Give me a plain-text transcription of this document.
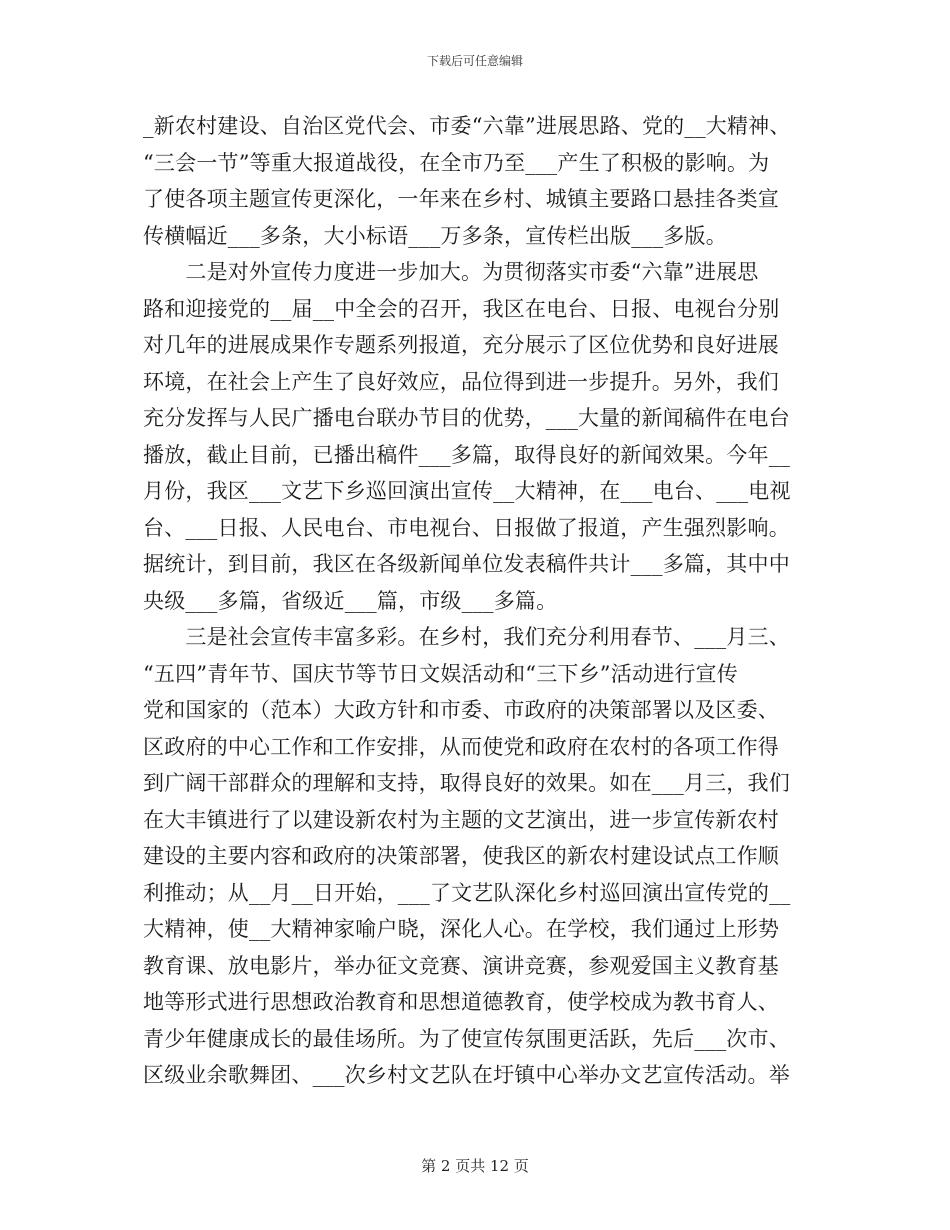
下载后可任意编辑
_新农村建设、自治区党代会、市委“六靠”进展思路、党的__大精神、
“三会一节”等重大报道战役，在全市乃至___产生了积极的影响。为
了使各项主题宣传更深化，一年来在乡村、城镇主要路口悬挂各类宣
传横幅近___多条，大小标语___万多条，宣传栏出版___多版。
　　二是对外宣传力度进一步加大。为贯彻落实市委“六靠”进展思
路和迎接党的__届__中全会的召开，我区在电台、日报、电视台分别
对几年的进展成果作专题系列报道，充分展示了区位优势和良好进展
环境，在社会上产生了良好效应，品位得到进一步提升。另外，我们
充分发挥与人民广播电台联办节目的优势，___大量的新闻稿件在电台
播放，截止目前，已播出稿件___多篇，取得良好的新闻效果。今年__
月份，我区___文艺下乡巡回演出宣传__大精神，在___电台、___电视
台、___日报、人民电台、市电视台、日报做了报道，产生强烈影响。
据统计，到目前，我区在各级新闻单位发表稿件共计___多篇，其中中
央级___多篇，省级近___篇，市级___多篇。
　　三是社会宣传丰富多彩。在乡村，我们充分利用春节、___月三、
“五四”青年节、国庆节等节日文娱活动和“三下乡”活动进行宣传
党和国家的（范本）大政方针和市委、市政府的决策部署以及区委、
区政府的中心工作和工作安排，从而使党和政府在农村的各项工作得
到广阔干部群众的理解和支持，取得良好的效果。如在___月三，我们
在大丰镇进行了以建设新农村为主题的文艺演出，进一步宣传新农村
建设的主要内容和政府的决策部署，使我区的新农村建设试点工作顺
利推动；从__月__日开始，___了文艺队深化乡村巡回演出宣传党的__
大精神，使__大精神家喻户晓，深化人心。在学校，我们通过上形势
教育课、放电影片，举办征文竞赛、演讲竞赛，参观爱国主义教育基
地等形式进行思想政治教育和思想道德教育，使学校成为教书育人、
青少年健康成长的最佳场所。为了使宣传氛围更活跃，先后___次市、
区级业余歌舞团、___次乡村文艺队在圩镇中心举办文艺宣传活动。举
第 2 页共 12 页
